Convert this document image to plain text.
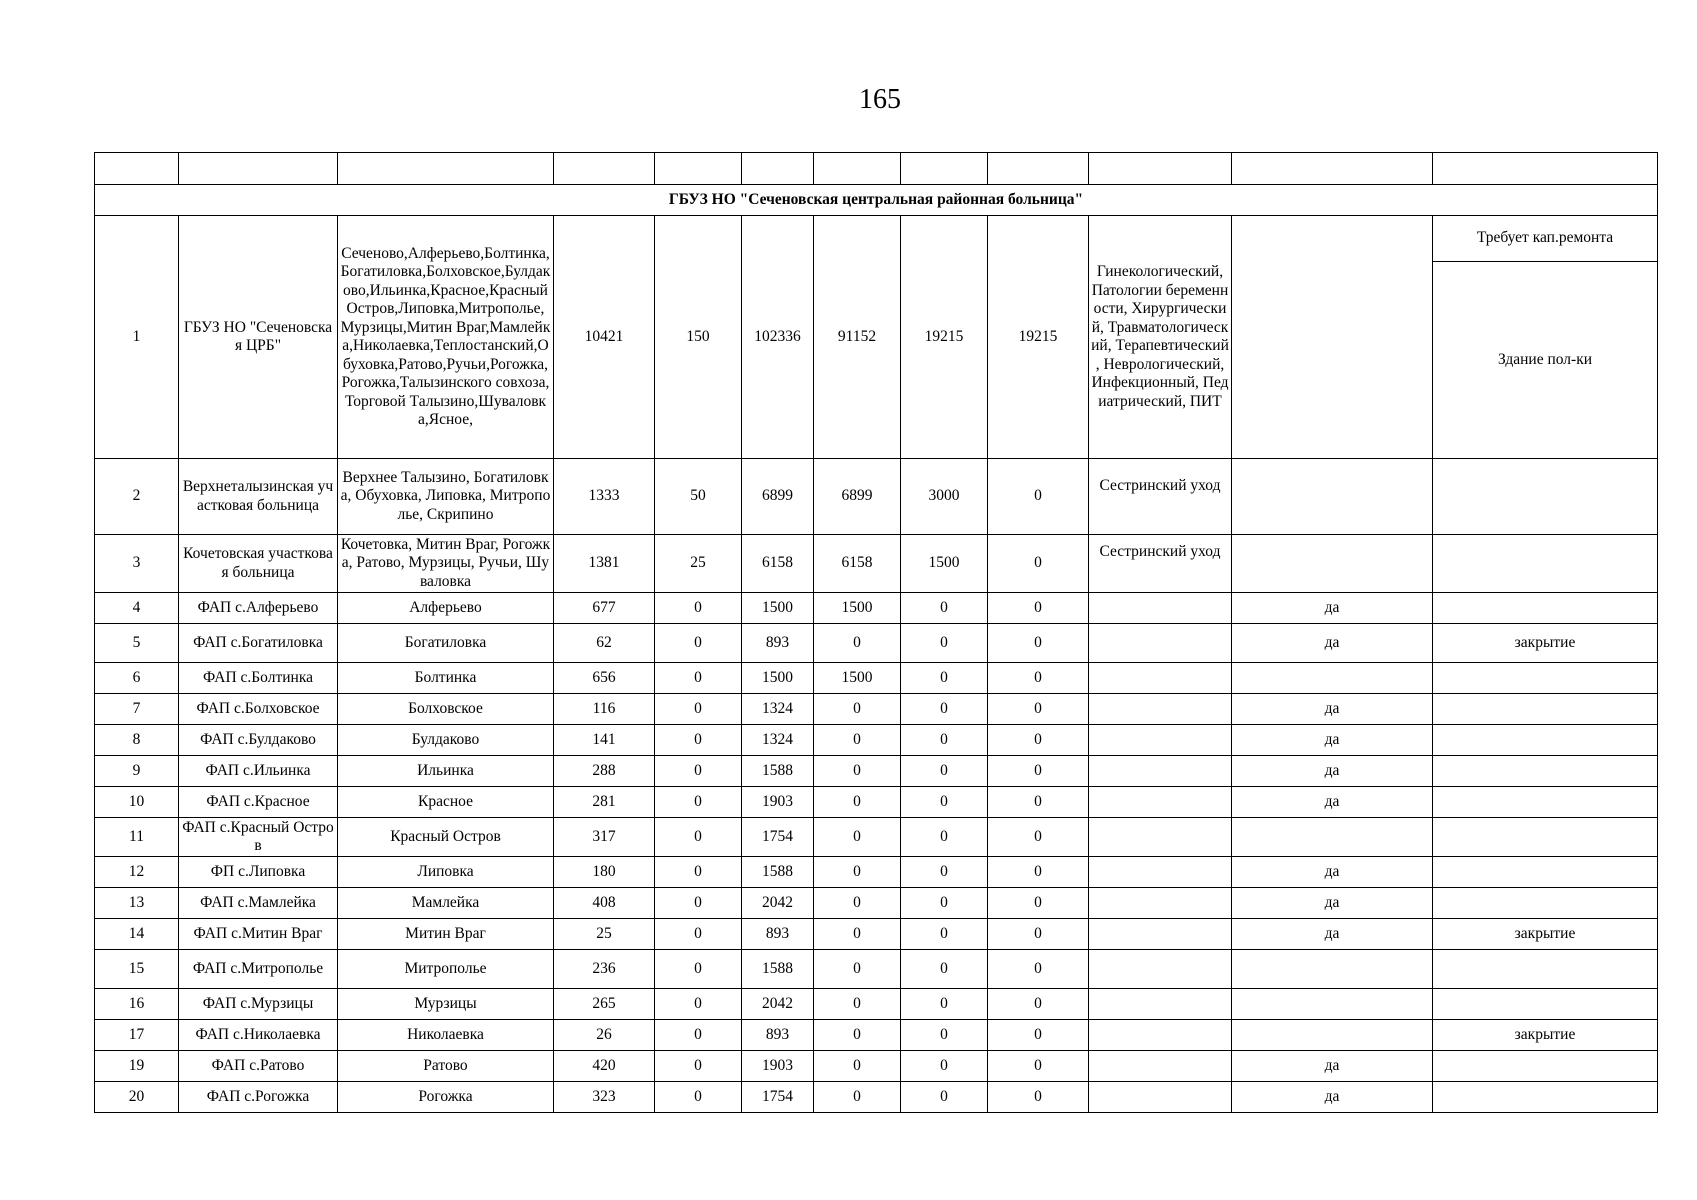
165

ГБУЗ НО "Сеченовская центральная районная больница"											
1	ГБУЗ НО "Сеченовская ЦРБ"	Сеченово,Алферьево,Болтинка,Богатиловка,Болховское,Булдаково,Ильинка,Красное,Красный Остров,Липовка,Митрополье,Мурзицы,Митин Враг,Мамлейка,Николаевка,Теплостанский,Обуховка,Ратово,Ручьи,Рогожка,Рогожка,Талызинского совхоза,Торговой Талызино,Шуваловка,Ясное,	10421	150	102336	91152	19215	19215	Гинекологический, Патологии беременности, Хирургический, Травматологический, Терапевтический , Неврологический, Инфекционный, Педиатрический, ПИТ		Требует кап.ремонта
											Здание пол-ки
2	Верхнеталызинская участковая больница	Верхнее Талызино, Богатиловка, Обуховка, Липовка, Митрополье, Скрипино	1333	50	6899	6899	3000	0	Сестринский уход		
3	Кочетовская участковая больница	Кочетовка, Митин Враг, Рогожка, Ратово, Мурзицы, Ручьи, Шуваловка	1381	25	6158	6158	1500	0	Сестринский уход		
4	ФАП с.Алферьево	Алферьево	677	0	1500	1500	0	0		да	
5	ФАП с.Богатиловка	Богатиловка	62	0	893	0	0	0		да	закрытие
6	ФАП с.Болтинка	Болтинка	656	0	1500	1500	0	0			
7	ФАП с.Болховское	Болховское	116	0	1324	0	0	0		да	
8	ФАП с.Булдаково	Булдаково	141	0	1324	0	0	0		да	
9	ФАП с.Ильинка	Ильинка	288	0	1588	0	0	0		да	
10	ФАП с.Красное	Красное	281	0	1903	0	0	0		да	
11	ФАП с.Красный Остров	Красный Остров	317	0	1754	0	0	0			
12	ФП с.Липовка	Липовка	180	0	1588	0	0	0		да	
13	ФАП с.Мамлейка	Мамлейка	408	0	2042	0	0	0		да	
14	ФАП с.Митин Враг	Митин Враг	25	0	893	0	0	0		да	закрытие
15	ФАП с.Митрополье	Митрополье	236	0	1588	0	0	0			
16	ФАП с.Мурзицы	Мурзицы	265	0	2042	0	0	0			
17	ФАП с.Николаевка	Николаевка	26	0	893	0	0	0			закрытие
19	ФАП с.Ратово	Ратово	420	0	1903	0	0	0		да	
20	ФАП с.Рогожка	Рогожка	323	0	1754	0	0	0		да	
